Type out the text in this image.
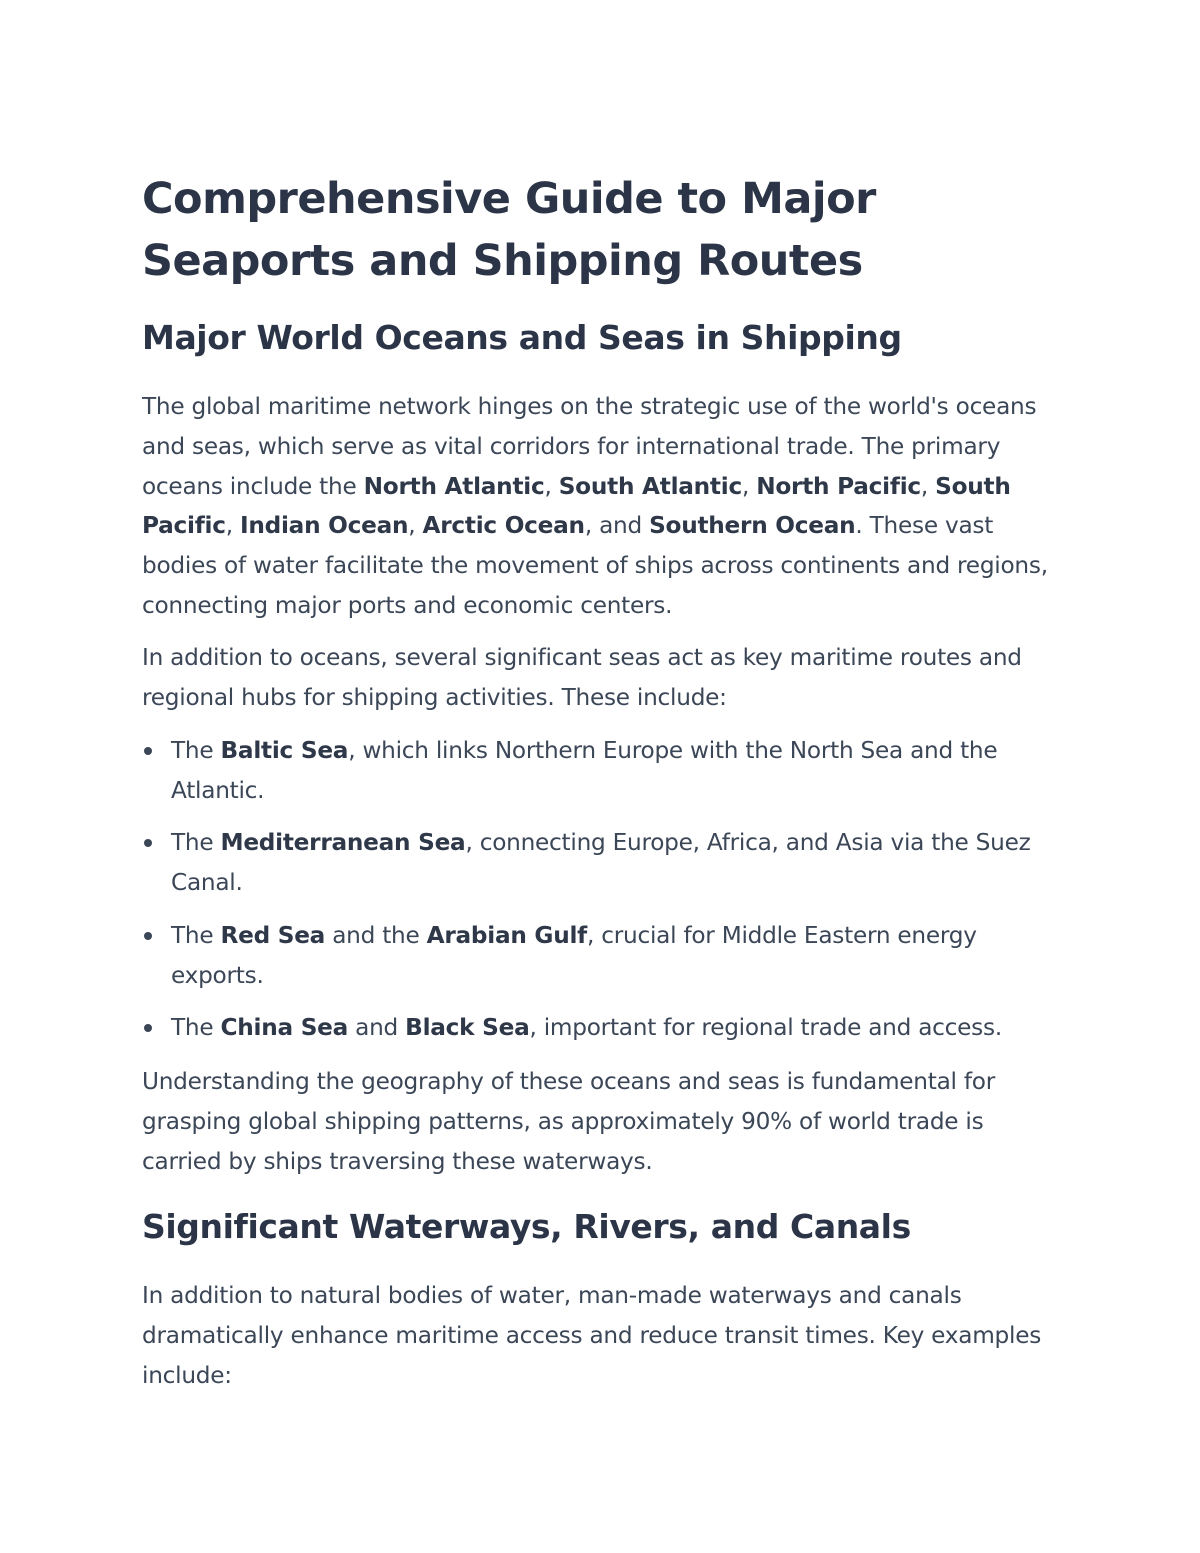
Comprehensive Guide to Major Seaports and Shipping Routes
Major World Oceans and Seas in Shipping

The global maritime network hinges on the strategic use of the world's oceans and seas, which serve as vital corridors for international trade. The primary oceans include the North Atlantic, South Atlantic, North Pacific, South Pacific, Indian Ocean, Arctic Ocean, and Southern Ocean. These vast bodies of water facilitate the movement of ships across continents and regions, connecting major ports and economic centers.

In addition to oceans, several significant seas act as key maritime routes and regional hubs for shipping activities. These include:

The Baltic Sea, which links Northern Europe with the North Sea and the Atlantic.
The Mediterranean Sea, connecting Europe, Africa, and Asia via the Suez Canal.
The Red Sea and the Arabian Gulf, crucial for Middle Eastern energy exports.
The China Sea and Black Sea, important for regional trade and access.

Understanding the geography of these oceans and seas is fundamental for grasping global shipping patterns, as approximately 90% of world trade is carried by ships traversing these waterways.

Significant Waterways, Rivers, and Canals

In addition to natural bodies of water, man-made waterways and canals dramatically enhance maritime access and reduce transit times. Key examples include:
